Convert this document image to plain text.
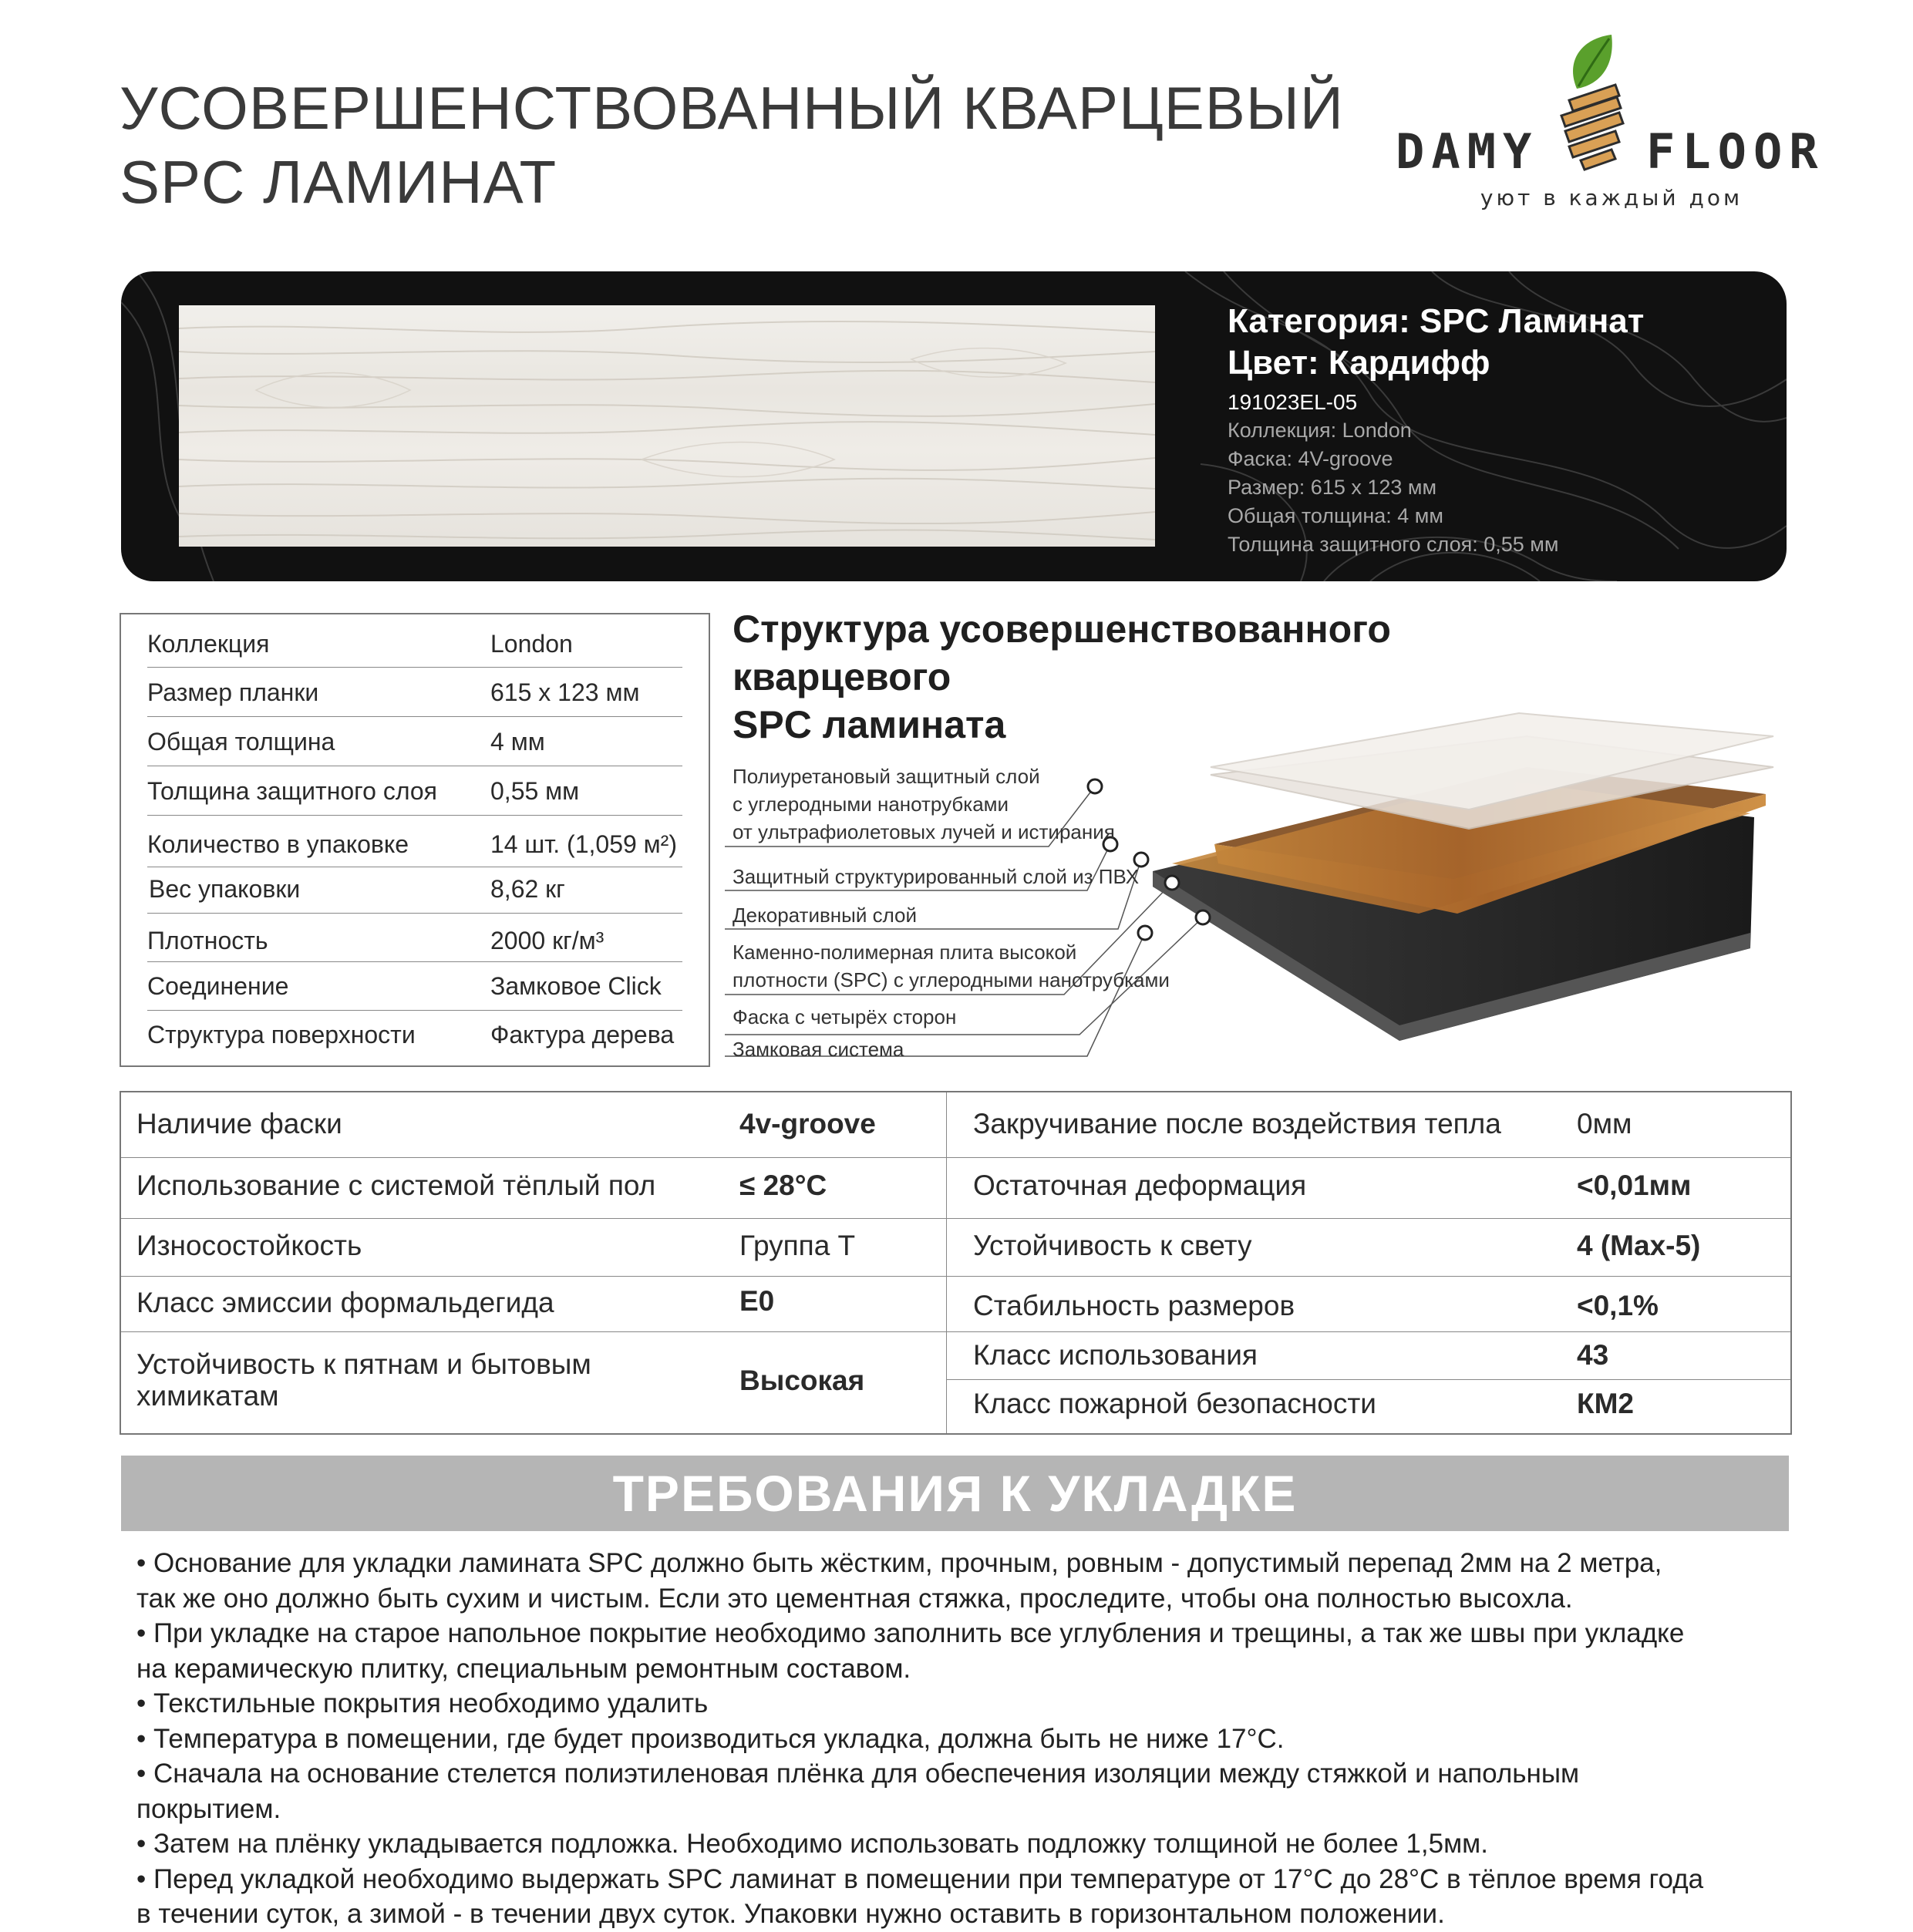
УСОВЕРШЕНСТВОВАННЫЙ КВАРЦЕВЫЙ
SPC ЛАМИНАТ	DAMY FLOOR
уют в каждый дом
Категория: SPC Ламинат
Цвет: Кардифф
191023EL-05
Коллекция: London
Фаска: 4V-groove
Размер: 615 х 123 мм
Общая толщина: 4 мм
Толщина защитного слоя: 0,55 мм
Коллекция	London
Размер планки	615 х 123 мм
Общая толщина	4 мм
Толщина защитного слоя 0,55 мм
Количество в упаковке	14 шт. (1,059 м²)
Вес упаковки	8,62 кг
Плотность	2000 кг/м³
Соединение	Замковое Click
Структура поверхности	Фактура дерева
Структура усовершенствованного
кварцевого
SPC ламината
Полиуретановый защитный слой
с углеродными нанотрубками
от ультрафиолетовых лучей и истирания
Защитный структурированный слой из ПВХ
Декоративный слой
Каменно-полимерная плита высокой
плотности (SPC) с углеродными нанотрубками
Фаска с четырёх сторон
Замковая система
Наличие фаски	4v-groove
Использование с системой тёплый пол	≤ 28°C
Износостойкость	Группа Т
Класс эмиссии формальдегида	E0
Устойчивость к пятнам и бытовым
химикатам	Высокая
Закручивание после воздействия тепла	0мм
Остаточная деформация	<0,01мм
Устойчивость к свету	4 (Max-5)
Стабильность размеров	<0,1%
Класс использования	43
Класс пожарной безопасности	КМ2
ТРЕБОВАНИЯ К УКЛАДКЕ

• Основание для укладки ламината SPC должно быть жёстким, прочным, ровным - допустимый перепад 2мм на 2 метра,

так же оно должно быть сухим и чистым. Если это цементная стяжка, проследите, чтобы она полностью высохла.

• При укладке на старое напольное покрытие необходимо заполнить все углубления и трещины, а так же швы при укладке

на керамическую плитку, специальным ремонтным составом.

• Текстильные покрытия необходимо удалить

• Температура в помещении, где будет производиться укладка, должна быть не ниже 17°C.

• Сначала на основание стелется полиэтиленовая плёнка для обеспечения изоляции между стяжкой и напольным

покрытием.

• Затем на плёнку укладывается подложка. Необходимо использовать подложку толщиной не более 1,5мм.

• Перед укладкой необходимо выдержать SPC ламинат в помещении при температуре от 17°C до 28°C в тёплое время года

в течении суток, а зимой - в течении двух суток. Упаковки нужно оставить в горизонтальном положении.
